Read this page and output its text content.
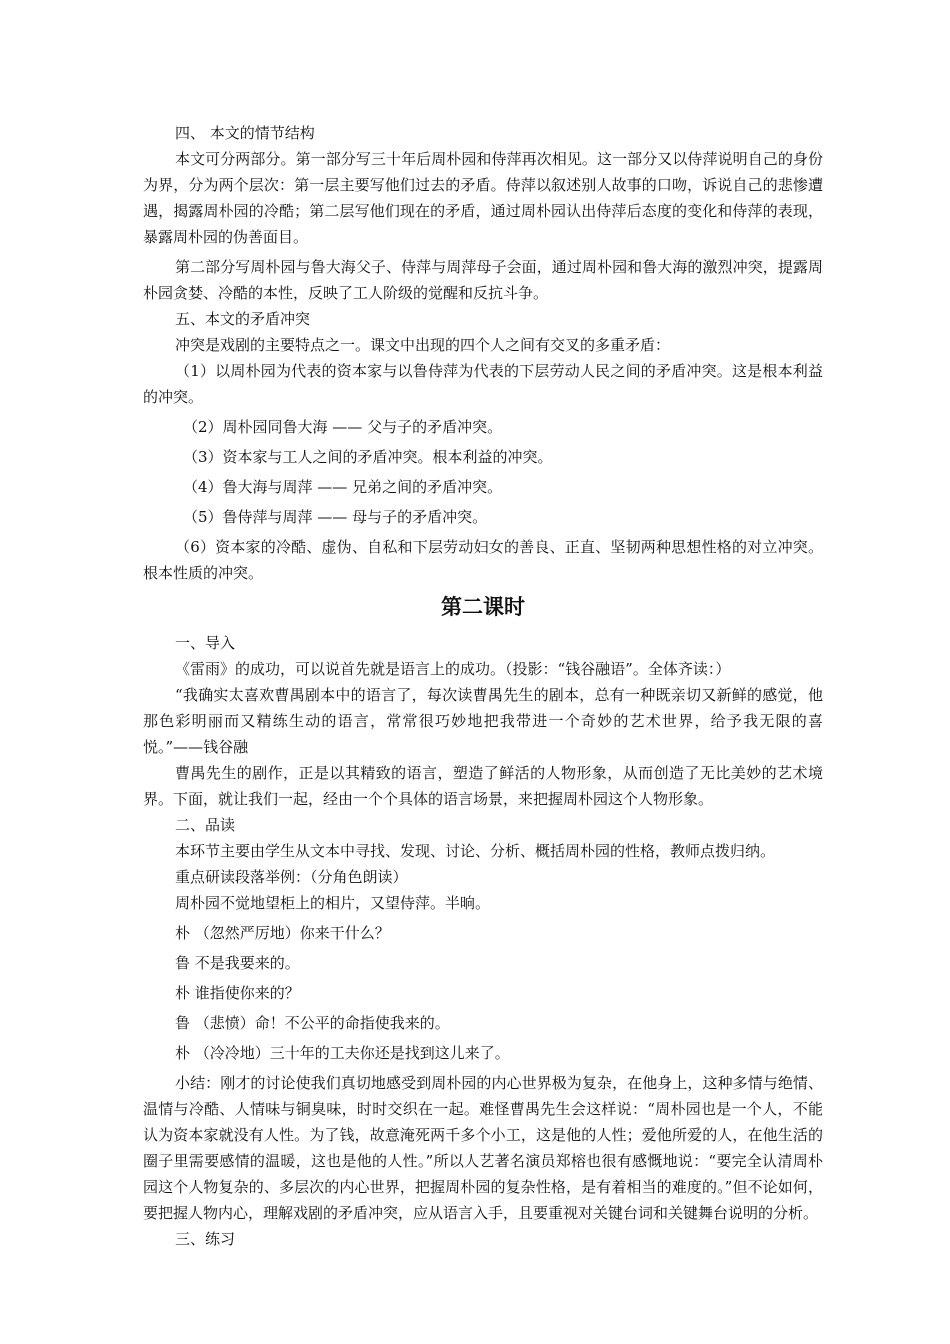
四、 本文的情节结构

本文可分两部分。第一部分写三十年后周朴园和侍萍再次相见。这一部分又以侍萍说明自己的身份为界，分为两个层次：第一层主要写他们过去的矛盾。侍萍以叙述别人故事的口吻，诉说自己的悲惨遭遇，揭露周朴园的冷酷；第二层写他们现在的矛盾，通过周朴园认出侍萍后态度的变化和侍萍的表现，暴露周朴园的伪善面目。

第二部分写周朴园与鲁大海父子、侍萍与周萍母子会面，通过周朴园和鲁大海的激烈冲突，提露周朴园贪婪、冷酷的本性，反映了工人阶级的觉醒和反抗斗争。

五、本文的矛盾冲突

冲突是戏剧的主要特点之一。课文中出现的四个人之间有交叉的多重矛盾：

（1）以周朴园为代表的资本家与以鲁侍萍为代表的下层劳动人民之间的矛盾冲突。这是根本利益的冲突。

（2）周朴园同鲁大海 —— 父与子的矛盾冲突。

（3）资本家与工人之间的矛盾冲突。根本利益的冲突。

（4）鲁大海与周萍 —— 兄弟之间的矛盾冲突。

（5）鲁侍萍与周萍 —— 母与子的矛盾冲突。

（6）资本家的冷酷、虚伪、自私和下层劳动妇女的善良、正直、坚韧两种思想性格的对立冲突。根本性质的冲突。

第二课时

一、导入

《雷雨》的成功，可以说首先就是语言上的成功。（投影：“钱谷融语”。全体齐读：）

“我确实太喜欢曹禺剧本中的语言了，每次读曹禺先生的剧本，总有一种既亲切又新鲜的感觉，他那色彩明丽而又精练生动的语言，常常很巧妙地把我带进一个奇妙的艺术世界，给予我无限的喜悦。”——钱谷融

曹禺先生的剧作，正是以其精致的语言，塑造了鲜活的人物形象，从而创造了无比美妙的艺术境界。下面，就让我们一起，经由一个个具体的语言场景，来把握周朴园这个人物形象。

二、品读

本环节主要由学生从文本中寻找、发现、讨论、分析、概括周朴园的性格，教师点拨归纳。

重点研读段落举例：（分角色朗读）

周朴园不觉地望柜上的相片，又望侍萍。半晌。

朴 （忽然严厉地）你来干什么？

鲁 不是我要来的。

朴 谁指使你来的？

鲁 （悲愤）命！不公平的命指使我来的。

朴 （冷冷地）三十年的工夫你还是找到这儿来了。

小结：刚才的讨论使我们真切地感受到周朴园的内心世界极为复杂，在他身上，这种多情与绝情、温情与冷酷、人情味与铜臭味，时时交织在一起。难怪曹禺先生会这样说：“周朴园也是一个人，不能认为资本家就没有人性。为了钱，故意淹死两千多个小工，这是他的人性；爱他所爱的人，在他生活的圈子里需要感情的温暖，这也是他的人性。”所以人艺著名演员郑榕也很有感慨地说：“要完全认清周朴园这个人物复杂的、多层次的内心世界，把握周朴园的复杂性格，是有着相当的难度的。”但不论如何，要把握人物内心，理解戏剧的矛盾冲突，应从语言入手，且要重视对关键台词和关键舞台说明的分析。

三、练习
